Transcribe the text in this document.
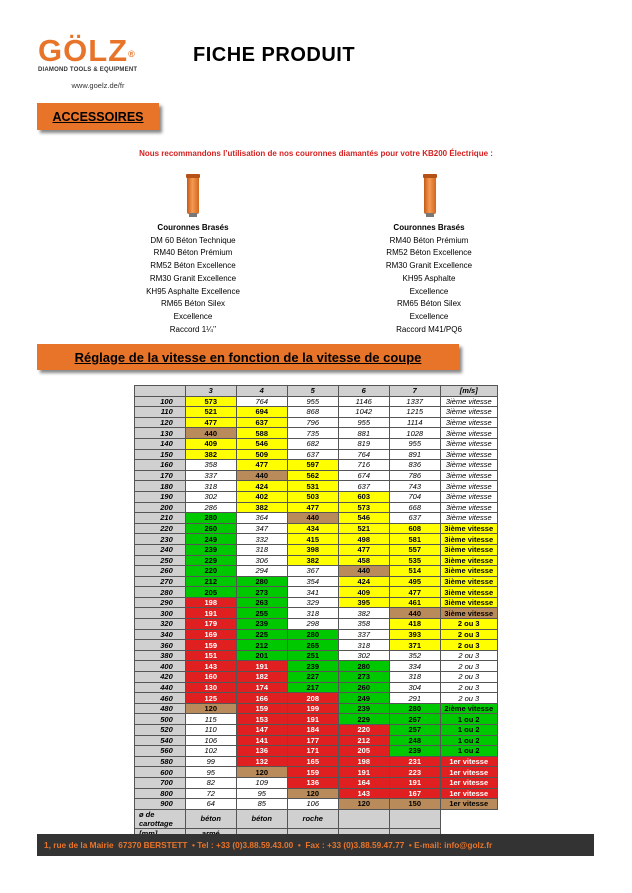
GÖLZ®
DIAMOND TOOLS & EQUIPMENT
www.goelz.de/fr
FICHE PRODUIT
ACCESSOIRES
Nous recommandons l’utilisation de nos couronnes diamantés pour votre KB200 Électrique :
Couronnes Brasés
DM 60 Béton Technique
RM40 Béton Prémium
RM52 Béton Excellence
RM30 Granit Excellence
KH95 Asphalte Excellence
RM65 Béton Silex
Excellence
Raccord 1¼’’
Couronnes Brasés
RM40 Béton Prémium
RM52 Béton Excellence
RM30 Granit Excellence
KH95 Asphalte
Excellence
RM65 Béton Silex
Excellence
Raccord M41/PQ6
Réglage de la vitesse en fonction de la vitesse de coupe
	3	4	5	6	7	[m/s]
100	573	764	955	1146	1337	3ième vitesse
110	521	694	868	1042	1215	3ième vitesse
120	477	637	796	955	1114	3ième vitesse
130	440	588	735	881	1028	3ième vitesse
140	409	546	682	819	955	3ième vitesse
150	382	509	637	764	891	3ième vitesse
160	358	477	597	716	836	3ième vitesse
170	337	440	562	674	786	3ième vitesse
180	318	424	531	637	743	3ième vitesse
190	302	402	503	603	704	3ième vitesse
200	286	382	477	573	668	3ième vitesse
210	280	364	440	546	637	3ième vitesse
220	260	347	434	521	608	3ième vitesse
230	249	332	415	498	581	3ième vitesse
240	239	318	398	477	557	3ième vitesse
250	229	306	382	458	535	3ième vitesse
260	220	294	367	440	514	3ième vitesse
270	212	280	354	424	495	3ième vitesse
280	205	273	341	409	477	3ième vitesse
290	198	263	329	395	461	3ième vitesse
300	191	255	318	382	440	3ième vitesse
320	179	239	298	358	418	2 ou 3
340	169	225	280	337	393	2 ou 3
360	159	212	265	318	371	2 ou 3
380	151	201	251	302	352	2 ou 3
400	143	191	239	280	334	2 ou 3
420	160	182	227	273	318	2 ou 3
440	130	174	217	260	304	2 ou 3
460	125	166	208	249	291	2 ou 3
480	120	159	199	239	280	2ième vitesse
500	115	153	191	229	267	1 ou 2
520	110	147	184	220	257	1 ou 2
540	106	141	177	212	248	1 ou 2
560	102	136	171	205	239	1 ou 2
580	99	132	165	198	231	1er vitesse
600	95	120	159	191	223	1er vitesse
700	82	109	136	164	191	1er vitesse
800	72	95	120	143	167	1er vitesse
900	64	85	106	120	150	1er vitesse
ø de carottage	béton	béton	roche			

1, rue de la Mairie  67370 BERSTETT  • Tel : +33 (0)3.88.59.43.00  •  Fax : +33 (0)3.88.59.47.77  • E-mail: info@golz.fr
